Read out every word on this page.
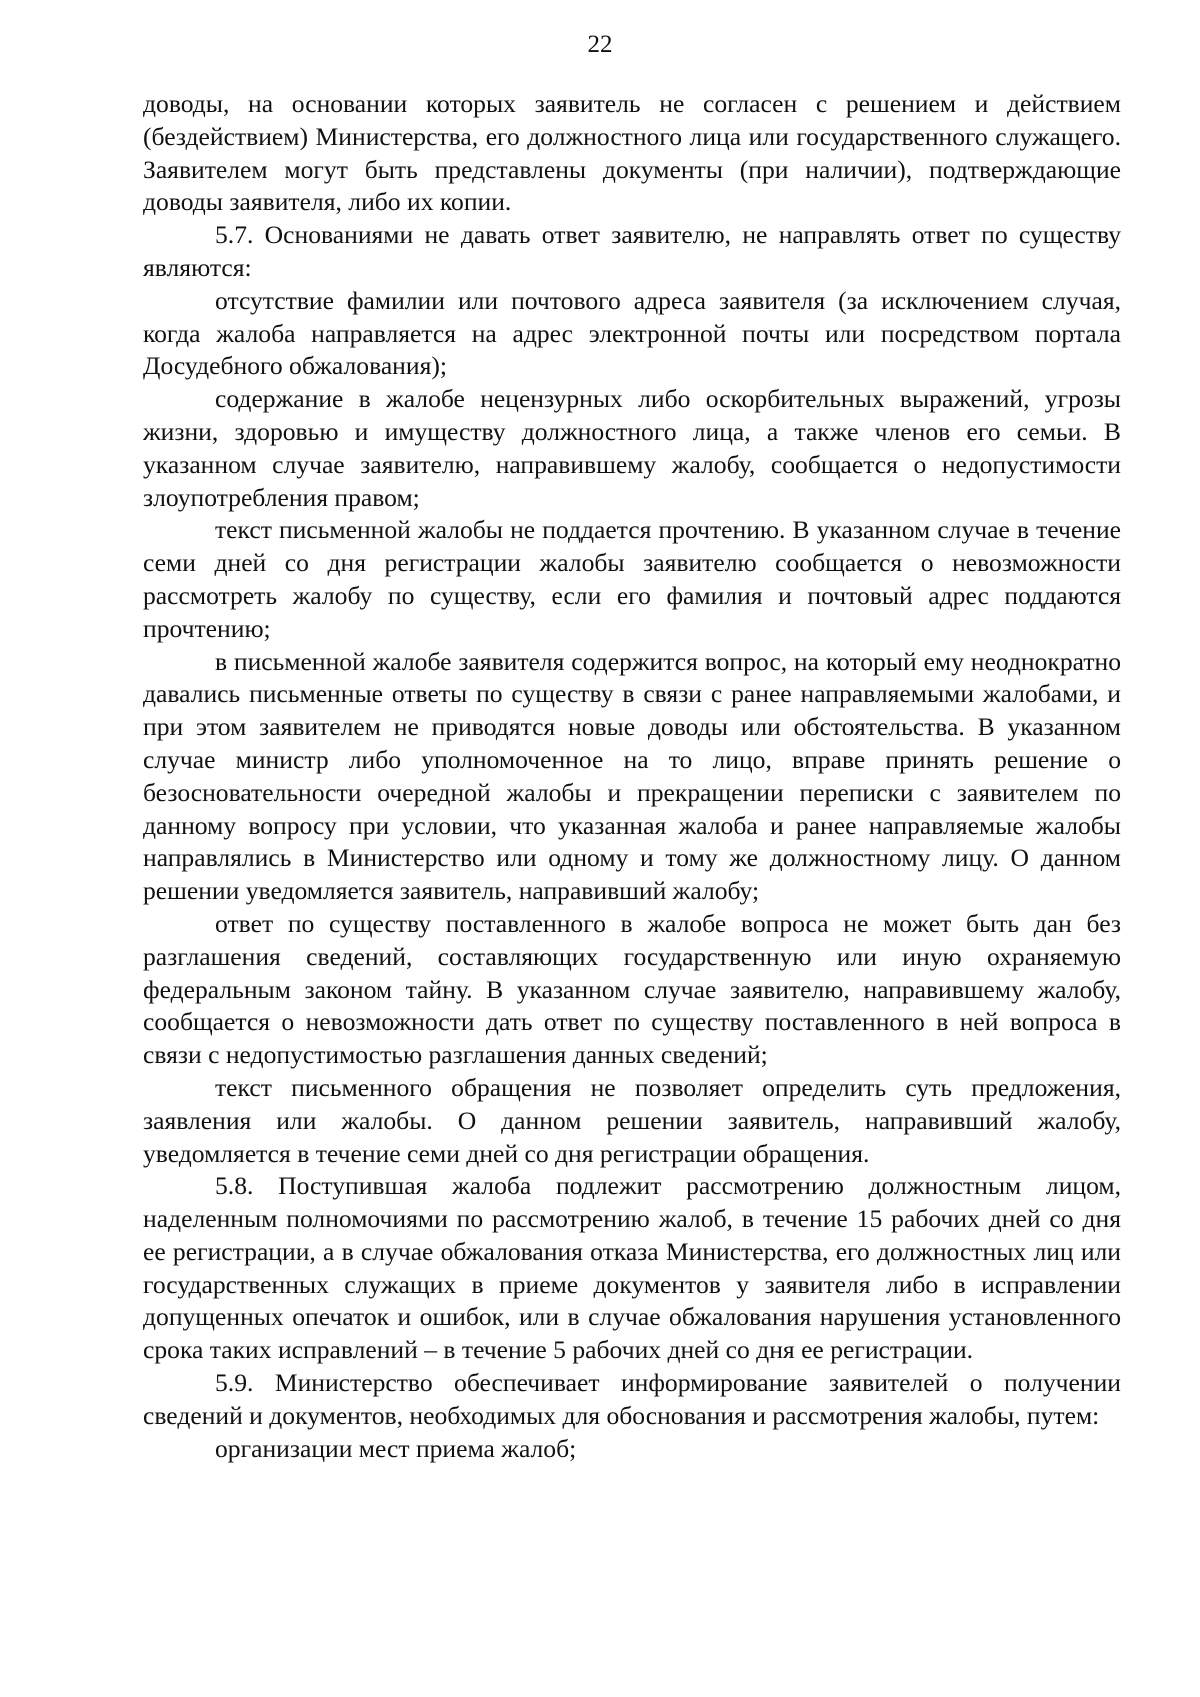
22

доводы, на основании которых заявитель не согласен с решением и действием (бездействием) Министерства, его должностного лица или государственного служащего. Заявителем могут быть представлены документы (при наличии), подтверждающие доводы заявителя, либо их копии.

5.7. Основаниями не давать ответ заявителю, не направлять ответ по существу являются:

отсутствие фамилии или почтового адреса заявителя (за исключением случая, когда жалоба направляется на адрес электронной почты или посредством портала Досудебного обжалования);

содержание в жалобе нецензурных либо оскорбительных выражений, угрозы жизни, здоровью и имуществу должностного лица, а также членов его семьи. В указанном случае заявителю, направившему жалобу, сообщается о недопустимости злоупотребления правом;

текст письменной жалобы не поддается прочтению. В указанном случае в течение семи дней со дня регистрации жалобы заявителю сообщается о невозможности рассмотреть жалобу по существу, если его фамилия и почтовый адрес поддаются прочтению;

в письменной жалобе заявителя содержится вопрос, на который ему неоднократно давались письменные ответы по существу в связи с ранее направляемыми жалобами, и при этом заявителем не приводятся новые доводы или обстоятельства. В указанном случае министр либо уполномоченное на то лицо, вправе принять решение о безосновательности очередной жалобы и прекращении переписки с заявителем по данному вопросу при условии, что указанная жалоба и ранее направляемые жалобы направлялись в Министерство или одному и тому же должностному лицу. О данном решении уведомляется заявитель, направивший жалобу;

ответ по существу поставленного в жалобе вопроса не может быть дан без разглашения сведений, составляющих государственную или иную охраняемую федеральным законом тайну. В указанном случае заявителю, направившему жалобу, сообщается о невозможности дать ответ по существу поставленного в ней вопроса в связи с недопустимостью разглашения данных сведений;

текст письменного обращения не позволяет определить суть предложения, заявления или жалобы. О данном решении заявитель, направивший жалобу, уведомляется в течение семи дней со дня регистрации обращения.

5.8. Поступившая жалоба подлежит рассмотрению должностным лицом, наделенным полномочиями по рассмотрению жалоб, в течение 15 рабочих дней со дня ее регистрации, а в случае обжалования отказа Министерства, его должностных лиц или государственных служащих в приеме документов у заявителя либо в исправлении допущенных опечаток и ошибок, или в случае обжалования нарушения установленного срока таких исправлений – в течение 5 рабочих дней со дня ее регистрации.

5.9. Министерство обеспечивает информирование заявителей о получении сведений и документов, необходимых для обоснования и рассмотрения жалобы, путем:

организации мест приема жалоб;
